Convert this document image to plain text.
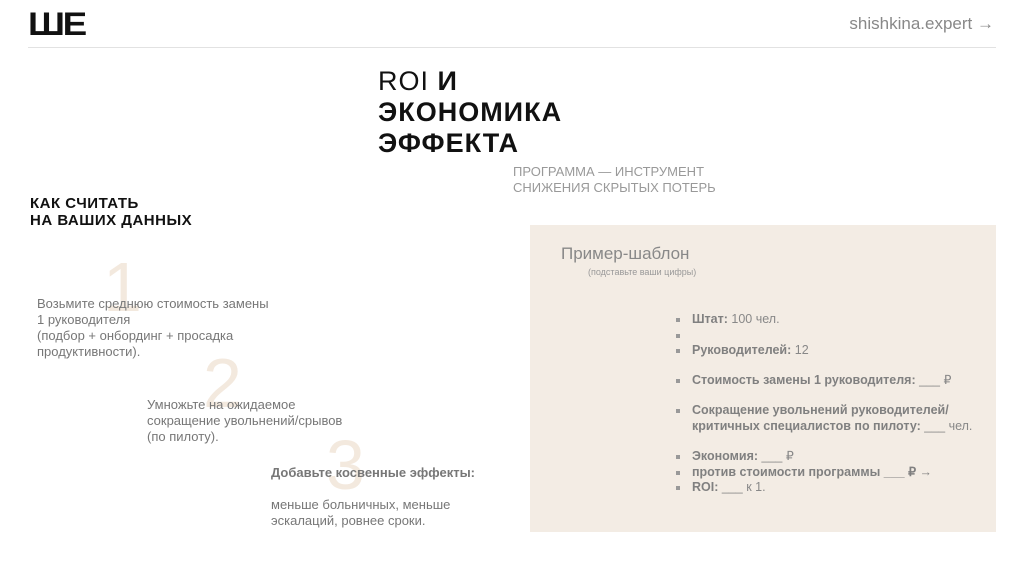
ШЕ	shishkina.expert →
ROI И
ЭКОНОМИКА
ЭФФЕКТА
ПРОГРАММА — ИНСТРУМЕНТ
СНИЖЕНИЯ СКРЫТЫХ ПОТЕРЬ
КАК СЧИТАТЬ
НА ВАШИХ ДАННЫХ
1
Возьмите среднюю стоимость замены
1 руководителя
(подбор + онбординг + просадка
продуктивности). 2
Умножьте на ожидаемое
сокращение увольнений/срывов
(по пилоту).	3
Добавьте косвенные эффекты:
меньше больничных, меньше
эскалаций, ровнее сроки.
Пример-шаблон
(подставьте ваши цифры)
Штат: 100 чел.
Руководителей: 12
Стоимость замены 1 руководителя: ___ ₽
Сокращение увольнений руководителей/критичных специалистов по пилоту: ___ чел.
Экономия: ___ ₽
против стоимости программы ___ ₽ →
ROI: ___ к 1.
